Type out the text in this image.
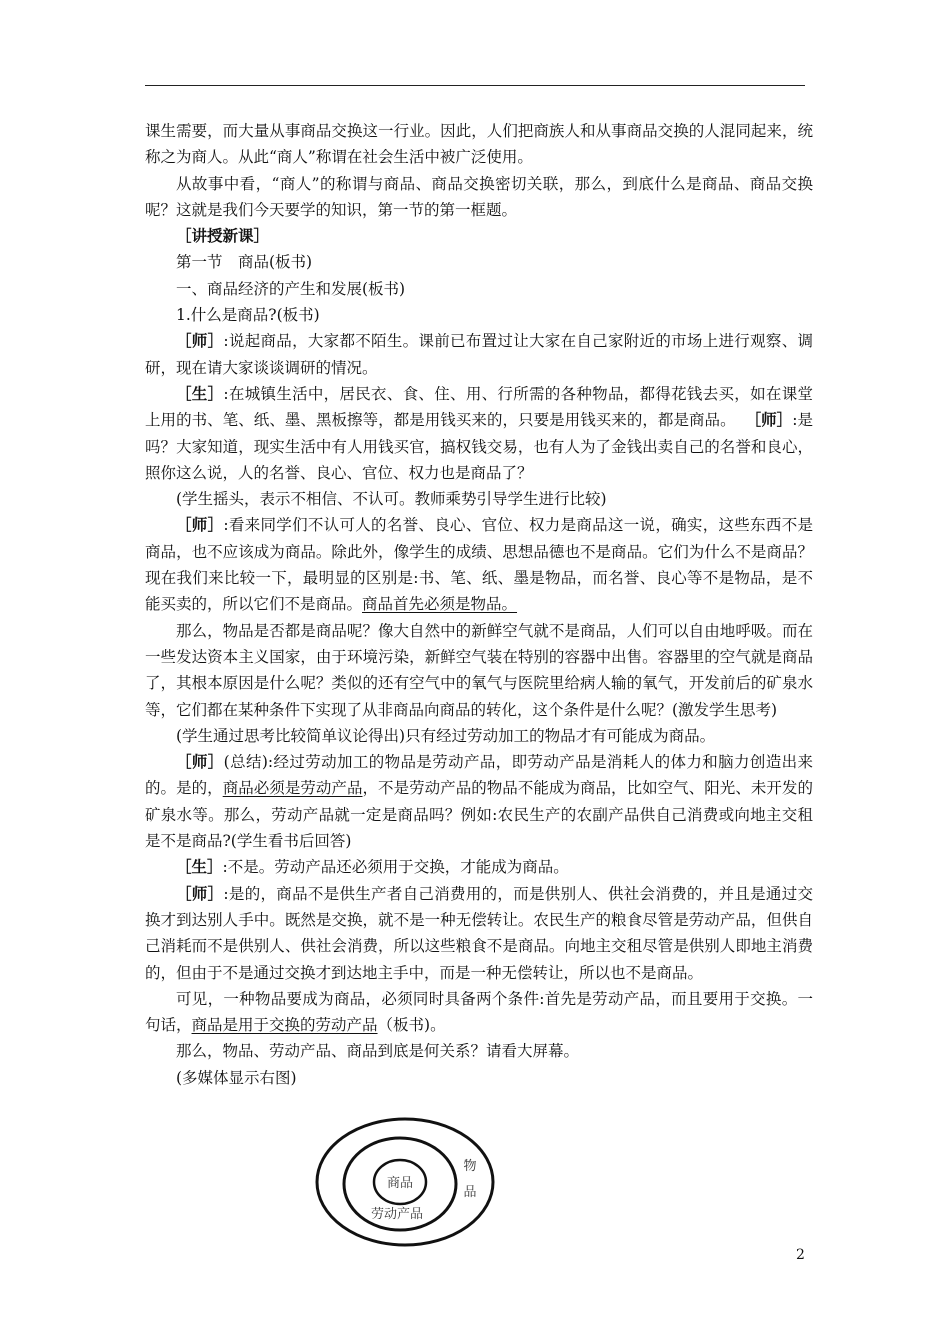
课生需要，而大量从事商品交换这一行业。因此，人们把商族人和从事商品交换的人混同起来，统称之为商人。从此“商人”称谓在社会生活中被广泛使用。

从故事中看，“商人”的称谓与商品、商品交换密切关联，那么，到底什么是商品、商品交换呢？这就是我们今天要学的知识，第一节的第一框题。

［讲授新课］

第一节　商品(板书)

一、商品经济的产生和发展(板书)

1.什么是商品?(板书)

［师］:说起商品，大家都不陌生。课前已布置过让大家在自己家附近的市场上进行观察、调研，现在请大家谈谈调研的情况。

［生］:在城镇生活中，居民衣、食、住、用、行所需的各种物品，都得花钱去买，如在课堂上用的书、笔、纸、墨、黑板擦等，都是用钱买来的，只要是用钱买来的，都是商品。 ［师］:是吗？大家知道，现实生活中有人用钱买官，搞权钱交易，也有人为了金钱出卖自己的名誉和良心，照你这么说，人的名誉、良心、官位、权力也是商品了？

(学生摇头，表示不相信、不认可。教师乘势引导学生进行比较)

［师］:看来同学们不认可人的名誉、良心、官位、权力是商品这一说，确实，这些东西不是商品，也不应该成为商品。除此外，像学生的成绩、思想品德也不是商品。它们为什么不是商品？现在我们来比较一下，最明显的区别是:书、笔、纸、墨是物品，而名誉、良心等不是物品，是不能买卖的，所以它们不是商品。商品首先必须是物品。

那么，物品是否都是商品呢？像大自然中的新鲜空气就不是商品，人们可以自由地呼吸。而在一些发达资本主义国家，由于环境污染，新鲜空气装在特别的容器中出售。容器里的空气就是商品了，其根本原因是什么呢？类似的还有空气中的氧气与医院里给病人输的氧气，开发前后的矿泉水等，它们都在某种条件下实现了从非商品向商品的转化，这个条件是什么呢？(激发学生思考)

(学生通过思考比较简单议论得出)只有经过劳动加工的物品才有可能成为商品。

［师］(总结):经过劳动加工的物品是劳动产品，即劳动产品是消耗人的体力和脑力创造出来的。是的，商品必须是劳动产品，不是劳动产品的物品不能成为商品，比如空气、阳光、未开发的矿泉水等。那么，劳动产品就一定是商品吗？例如:农民生产的农副产品供自己消费或向地主交租是不是商品?(学生看书后回答)

［生］:不是。劳动产品还必须用于交换，才能成为商品。

［师］:是的，商品不是供生产者自己消费用的，而是供别人、供社会消费的，并且是通过交换才到达别人手中。既然是交换，就不是一种无偿转让。农民生产的粮食尽管是劳动产品，但供自己消耗而不是供别人、供社会消费，所以这些粮食不是商品。向地主交租尽管是供别人即地主消费的，但由于不是通过交换才到达地主手中，而是一种无偿转让，所以也不是商品。

可见，一种物品要成为商品，必须同时具备两个条件:首先是劳动产品，而且要用于交换。一句话，商品是用于交换的劳动产品（板书)。

那么，物品、劳动产品、商品到底是何关系？请看大屏幕。

(多媒体显示右图)

商品
劳动产品
物
品
2
